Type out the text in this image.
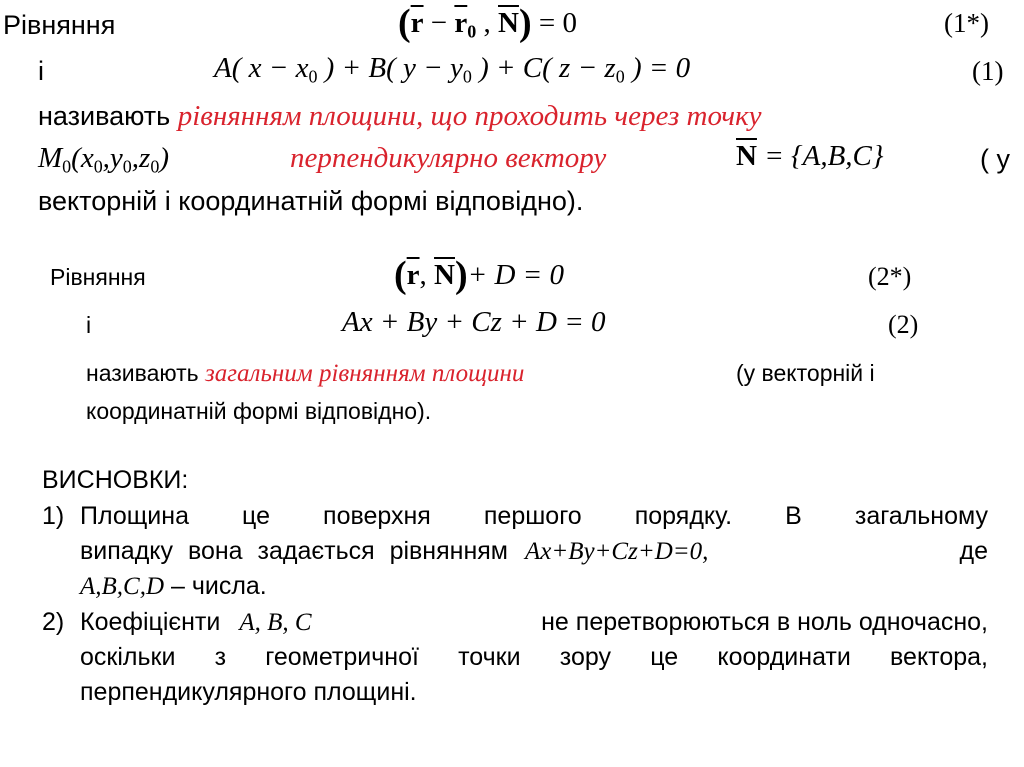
Рівняння	($\overline{r} - \overline{r}_0$ , $\overline{N}) = 0$	(1*)
і	A( $x - x_0$ ) + B( $y - y_0$ ) + C( $z - z_0$ ) = 0	(1)
називають рівнянням площини, що проходить через точку
$M_0(x_0,y_0,z_0)$	перпендикулярно вектору	$\overline{N} = \{A,B,C\}$	( у
векторній і координатній формі відповідно).
Рівняння	($\overline{r}$, $\overline{N})+ D = 0$	(2*)
і	Ax + By + Cz + D = 0	(2)
називають загальним рівнянням площини	(у векторній і
координатній формі відповідно).
ВИСНОВКИ:
1) Площина це поверхня першого порядку. В загальному
випадку вона задається рівнянням Ax+By+Cz+D=0,	де
A,B,C,D – числа.
2) Коефіцієнти A, B, C	не перетворюються в ноль одночасно,
оскільки з геометричної точки зору це координати вектора,
перпендикулярного площині.
